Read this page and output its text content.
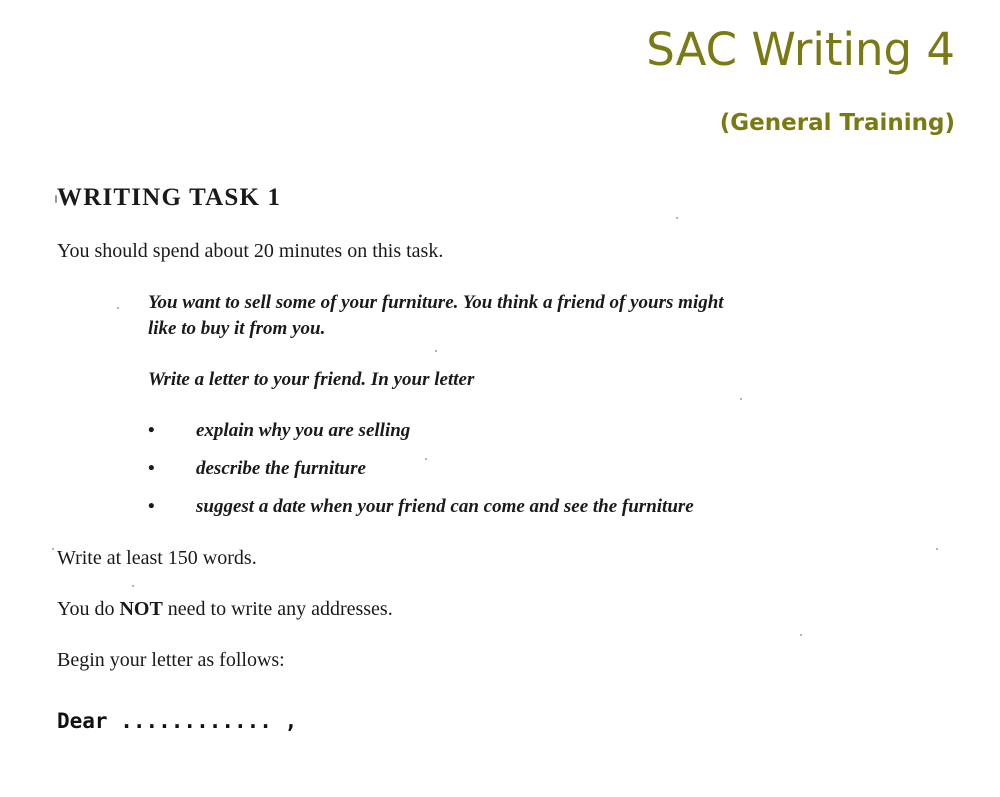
SAC Writing 4
(General Training)
WRITING TASK 1
You should spend about 20 minutes on this task.
You want to sell some of your furniture. You think a friend of yours might
like to buy it from you.
Write a letter to your friend. In your letter
• explain why you are selling
• describe the furniture
• suggest a date when your friend can come and see the furniture
Write at least 150 words.
You do NOT need to write any addresses.
Begin your letter as follows:
Dear ............ ,
